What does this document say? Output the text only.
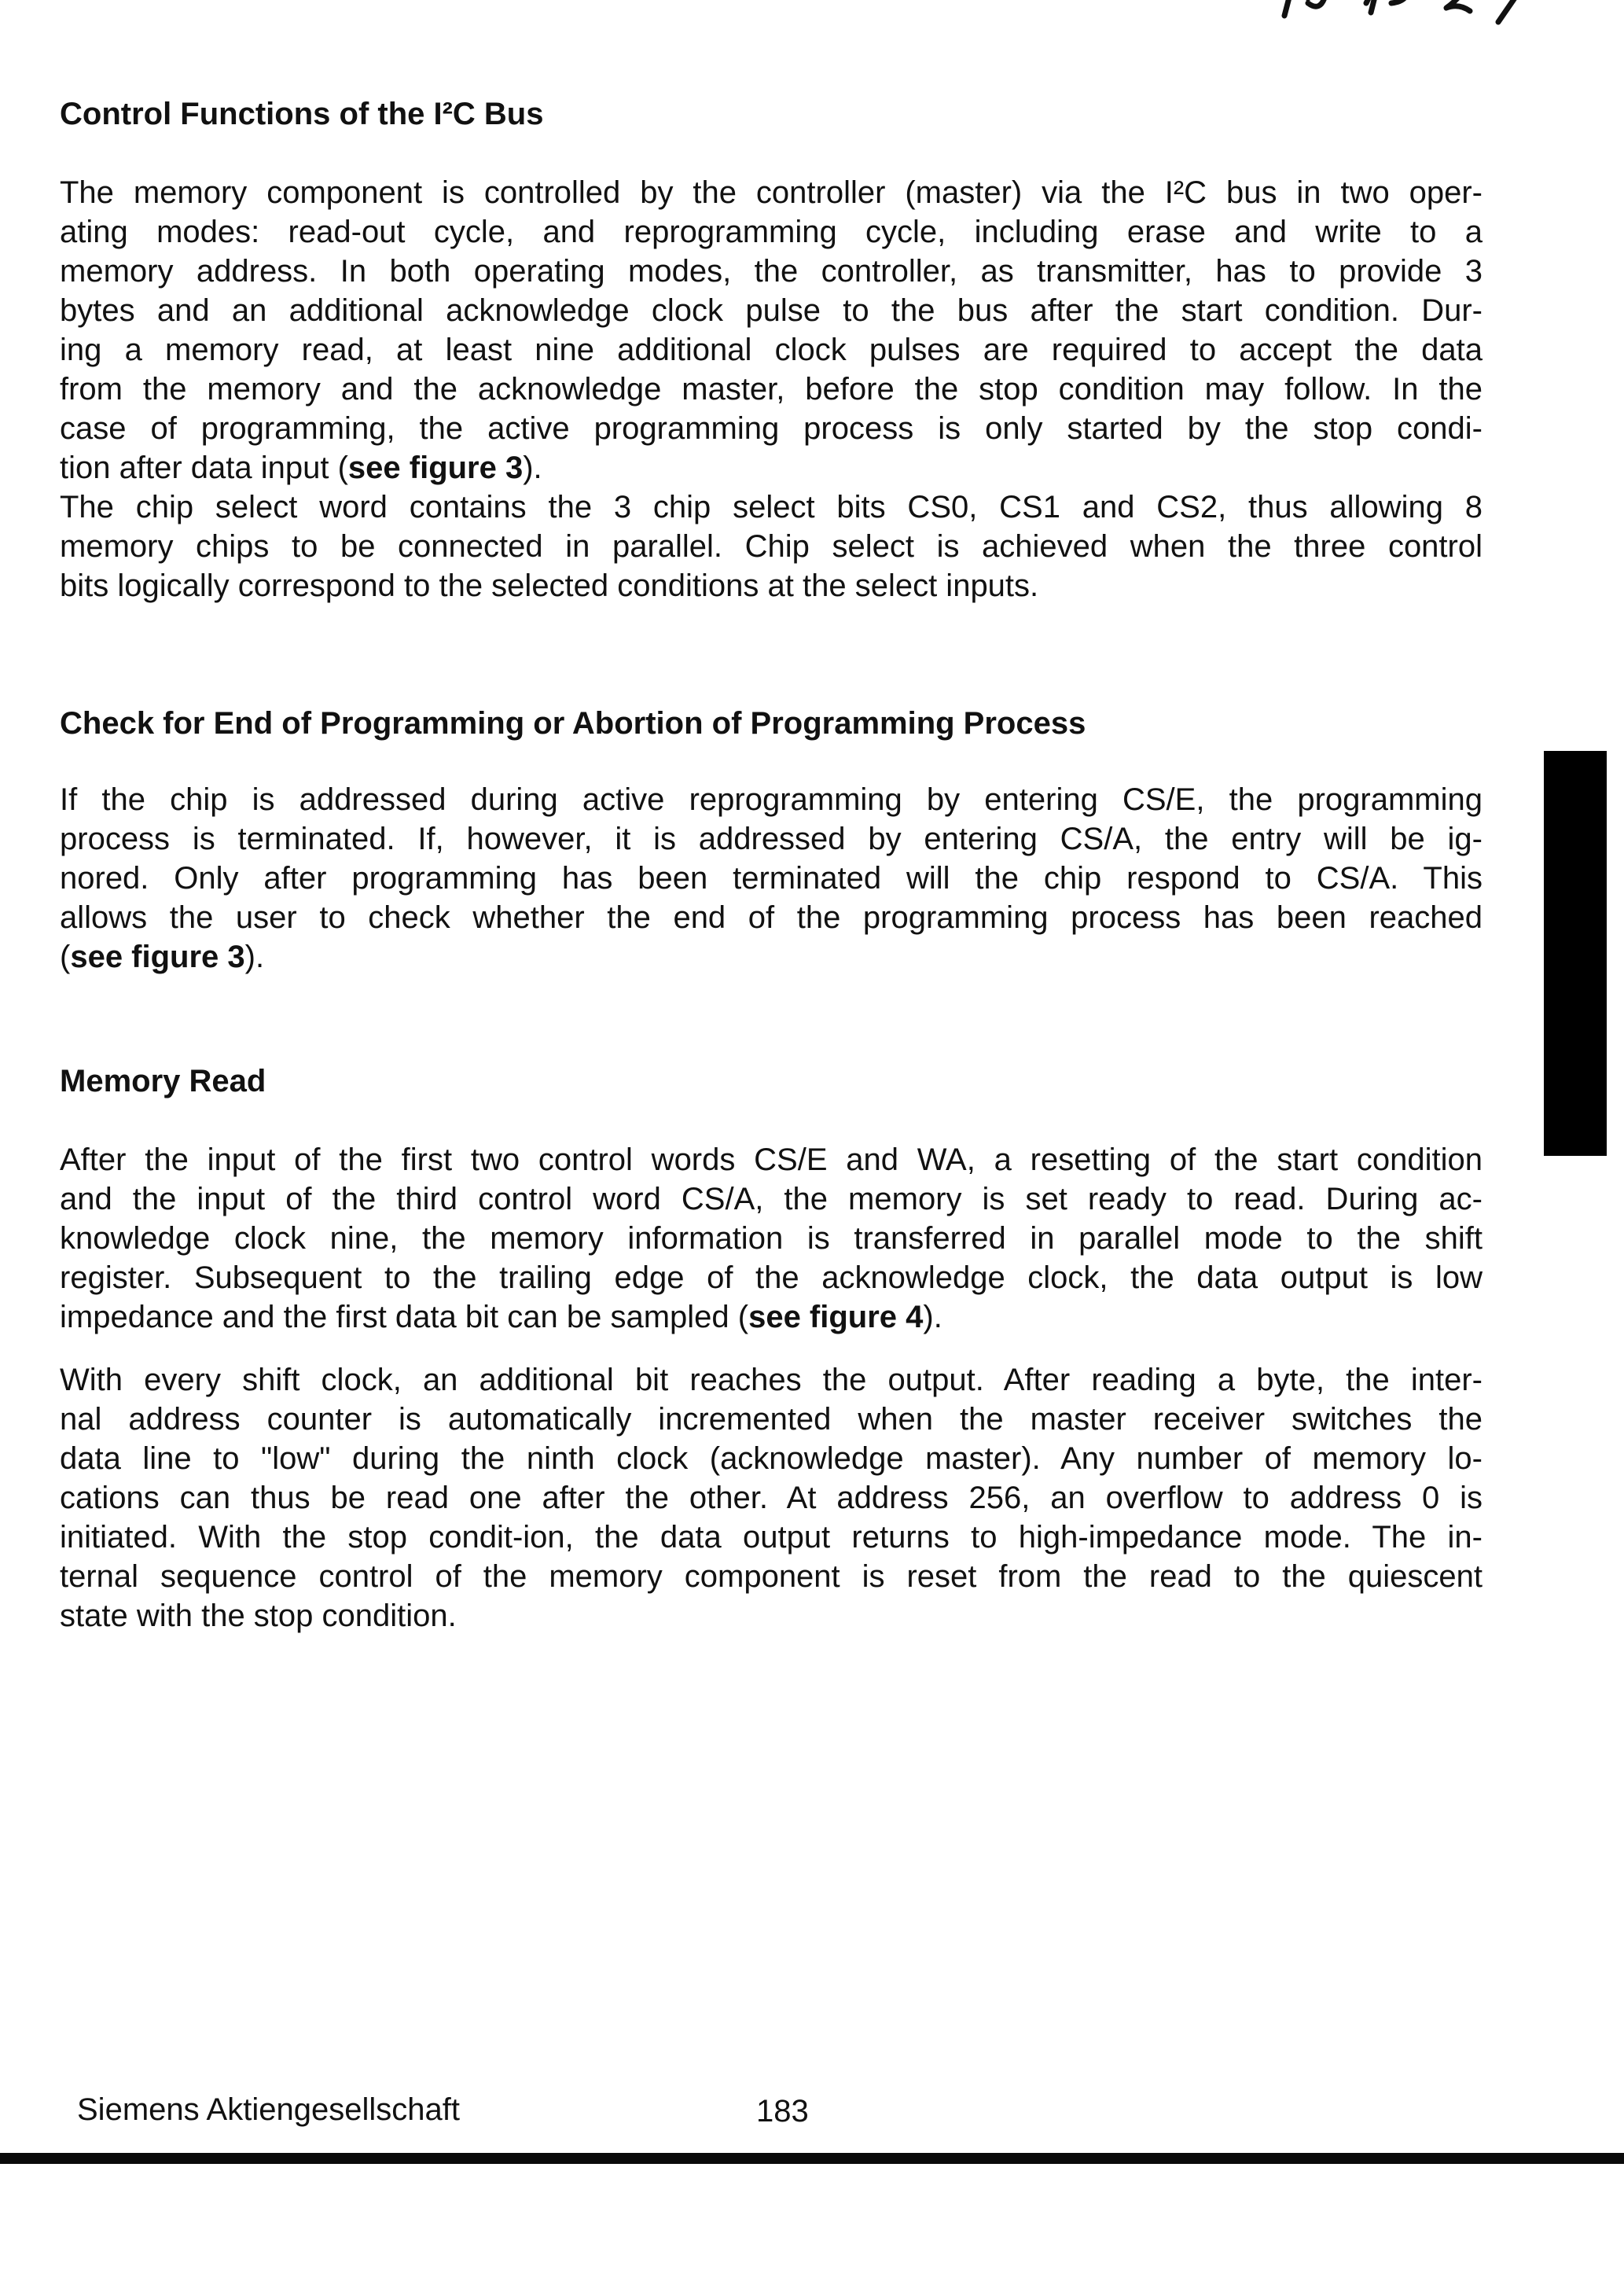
Control Functions of the I²C Bus
The memory component is controlled by the controller (master) via the I²C bus in two oper-
ating modes: read-out cycle, and reprogramming cycle, including erase and write to a
memory address. In both operating modes, the controller, as transmitter, has to provide 3
bytes and an additional acknowledge clock pulse to the bus after the start condition. Dur-
ing a memory read, at least nine additional clock pulses are required to accept the data
from the memory and the acknowledge master, before the stop condition may follow. In the
case of programming, the active programming process is only started by the stop condi-
tion after data input (see figure 3).
The chip select word contains the 3 chip select bits CS0, CS1 and CS2, thus allowing 8
memory chips to be connected in parallel. Chip select is achieved when the three control
bits logically correspond to the selected conditions at the select inputs.
Check for End of Programming or Abortion of Programming Process
If the chip is addressed during active reprogramming by entering CS/E, the programming
process is terminated. If, however, it is addressed by entering CS/A, the entry will be ig-
nored. Only after programming has been terminated will the chip respond to CS/A. This
allows the user to check whether the end of the programming process has been reached
(see figure 3).
Memory Read
After the input of the first two control words CS/E and WA, a resetting of the start condition
and the input of the third control word CS/A, the memory is set ready to read. During ac-
knowledge clock nine, the memory information is transferred in parallel mode to the shift
register. Subsequent to the trailing edge of the acknowledge clock, the data output is low
impedance and the first data bit can be sampled (see figure 4).
With every shift clock, an additional bit reaches the output. After reading a byte, the inter-
nal address counter is automatically incremented when the master receiver switches the
data line to "low" during the ninth clock (acknowledge master). Any number of memory lo-
cations can thus be read one after the other. At address 256, an overflow to address 0 is
initiated. With the stop condit-ion, the data output returns to high-impedance mode. The in-
ternal sequence control of the memory component is reset from the read to the quiescent
state with the stop condition.
Siemens Aktiengesellschaft	183
